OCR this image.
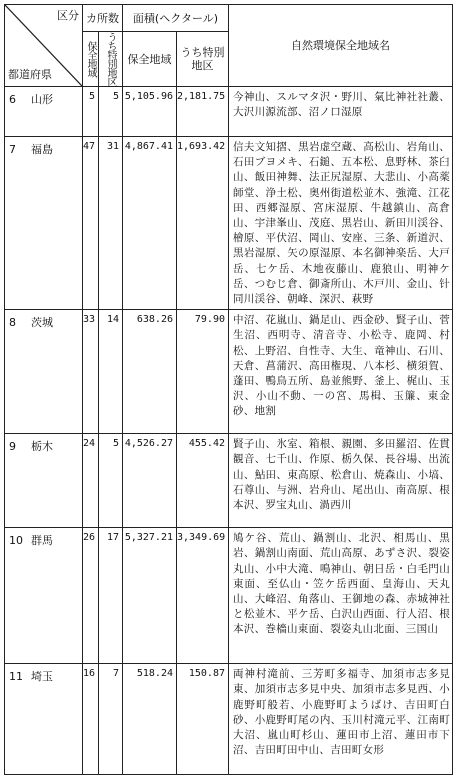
区分
都道府県	カ所数		面積(ヘクタール)		自然環境保全地域名

	保全地域	うち特別地区	保全地域	うち特別地区	
6 山形	5	5	5,105.96	2,181.75	今神山、スルマタ沢・野川、氣比神社社叢、大沢川源流部、沼ノ口湿原
7 福島	47	31	4,867.41	1,693.42	信夫文知摺、黒岩虚空蔵、高松山、岩角山、石田ブヨメキ、石鎚、五本松、息野林、茶臼山、飯田神舞、法正尻湿原、大悲山、小高薬師堂、浄土松、奥州街道松並木、強滝、江花田、西郷湿原、宮床湿原、牛越鎮山、高倉山、宇津峯山、茂庭、黒岩山、新田川渓谷、檜原、平伏沼、岡山、安座、三条、新道沢、黒岩湿原、矢の原湿原、本名御神楽岳、大戸岳、七ケ岳、木地夜藤山、鹿狼山、明神ケ岳、つむじ倉、御斎所山、木戸川、金山、针同川渓谷、朝峰、深沢、萩野
8 茨城	33	14	638.26	79.90	中沼、花嵐山、鍋足山、西金砂、賢子山、菅生沼、西明寺、清音寺、小松寺、鹿岡、村松、上野沼、自性寺、大生、竜神山、石川、天倉、菖蒲沢、高田権現、八本杉、横須賀、蓬田、鴨鳥五所、島並熊野、釜上、梶山、玉沢、小山不動、一の宮、馬楫、玉簾、東金砂、地割
9 栃木	24	5	4,526.27	455.42	賢子山、氷室、箱根、親園、多田羅沼、佐貫観音、七千山、作原、栃久保、長谷場、出流山、鮎田、東高原、松倉山、焼森山、小塙、石尊山、与洲、岩舟山、尾出山、南高原、根本沢、罗宝丸山、渦西川
10 群馬	26	17	5,327.21	3,349.69	鳩ケ谷、荒山、鍋割山、北沢、相馬山、黒岩、鍋割山南面、荒山高原、あずさ沢、裂姿丸山、小中大滝、鳴神山、朝日岳・白毛門山東面、至仏山・笠ケ岳西面、皇海山、天丸山、大峰沼、角落山、王御地の森、赤城神社と松並木、平ケ岳、白沢山西面、行人沼、根本沢、巻檣山東面、裂姿丸山北面、三国山
11 埼玉	16	7	518.24	150.87	両神村滝前、三芳町多福寺、加須市志多見東、加須市志多見中央、加須市志多見西、小鹿野町般若、小鹿野町ようばけ、吉田町白砂、小鹿野町尾の内、玉川村滝元平、江南町大沼、嵐山町杉山、蓮田市上沼、蓮田市下沼、吉田町田中山、吉田町女形
